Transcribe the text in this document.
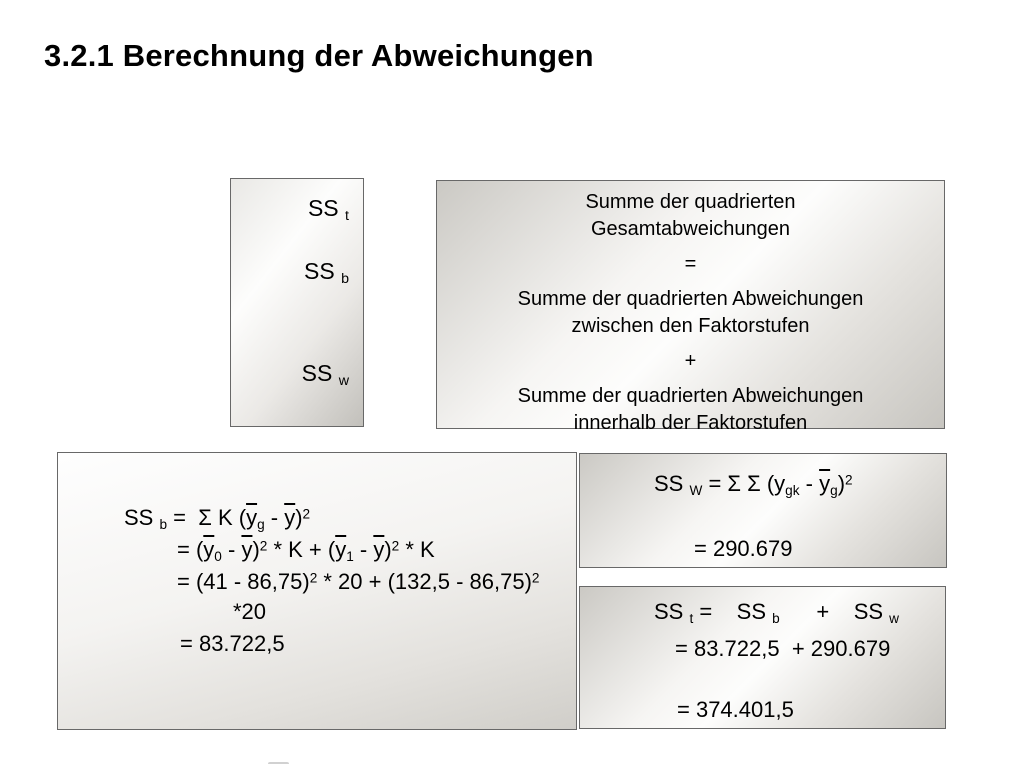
3.2.1 Berechnung der Abweichungen
SS $_t$
SS $_b$
SS $_w$
Summe der quadrierten
Gesamtabweichungen
=
Summe der quadrierten Abweichungen
zwischen den Faktorstufen
+
Summe der quadrierten Abweichungen
innerhalb der Faktorstufen
SS $_b$ =  Σ K $(\overline{y}_g - \overline{y})^2$
= $(\overline{y}_0 - \overline{y})^2 * K + (\overline{y}_1 - \overline{y})^2 * K$
= (41 - 86,75)$^2$ * 20 + (132,5 - 86,75)$^2$
*20
= 83.722,5
SS $_W$ = Σ Σ $(y_{gk} - \overline{y}_g)^2$
= 290.679
SS $_t$ =    SS $_b$      +    SS $_w$
= 83.722,5  + 290.679
= 374.401,5
